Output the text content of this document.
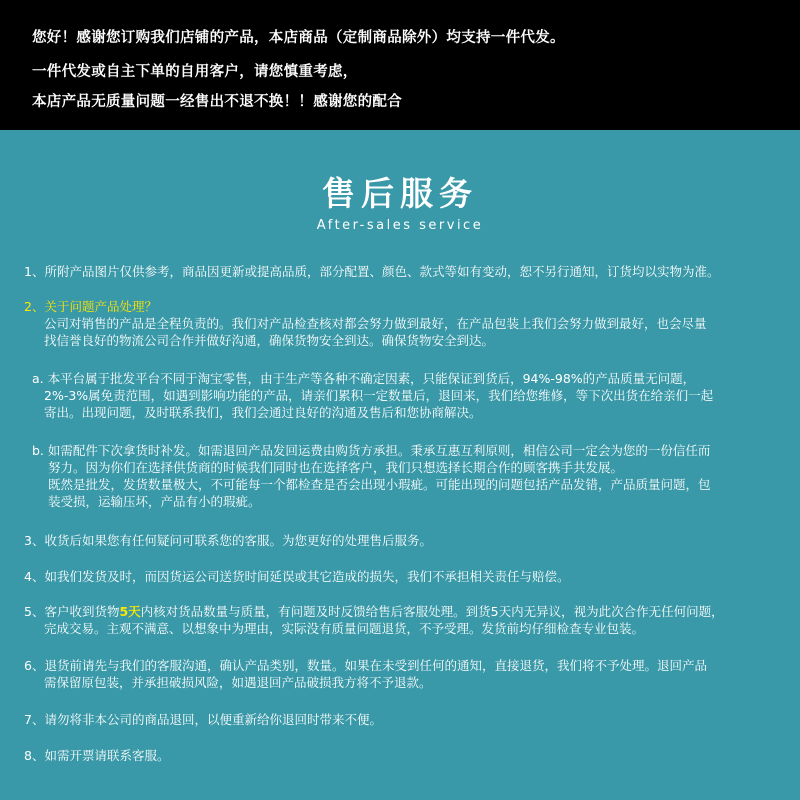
您好！感谢您订购我们店铺的产品，本店商品（定制商品除外）均支持一件代发。

一件代发或自主下单的自用客户，请您慎重考虑，

本店产品无质量问题一经售出不退不换！！感谢您的配合

售后服务
After-sales service

1、所附产品图片仅供参考，商品因更新或提高品质，部分配置、颜色、款式等如有变动，恕不另行通知，订货均以实物为准。

2、关于问题产品处理？
公司对销售的产品是全程负责的。我们对产品检查核对都会努力做到最好，在产品包装上我们会努力做到最好，也会尽量
找信誉良好的物流公司合作并做好沟通，确保货物安全到达。确保货物安全到达。

a. 本平台属于批发平台不同于淘宝零售，由于生产等各种不确定因素，只能保证到货后，94%-98%的产品质量无问题，
2%-3%属免责范围，如遇到影响功能的产品，请亲们累积一定数量后，退回来，我们给您维修，等下次出货在给亲们一起
寄出。出现问题，及时联系我们，我们会通过良好的沟通及售后和您协商解决。

b. 如需配件下次拿货时补发。如需退回产品发回运费由购货方承担。秉承互惠互利原则，相信公司一定会为您的一份信任而
努力。因为你们在选择供货商的时候我们同时也在选择客户，我们只想选择长期合作的顾客携手共发展。
既然是批发，发货数量极大，不可能每一个都检查是否会出现小瑕疵。可能出现的问题包括产品发错，产品质量问题，包
装受损，运输压坏，产品有小的瑕疵。

3、收货后如果您有任何疑问可联系您的客服。为您更好的处理售后服务。

4、如我们发货及时，而因货运公司送货时间延误或其它造成的损失，我们不承担相关责任与赔偿。

5、客户收到货物5天内核对货品数量与质量，有问题及时反馈给售后客服处理。到货5天内无异议，视为此次合作无任何问题，
完成交易。主观不满意、以想象中为理由，实际没有质量问题退货，不予受理。发货前均仔细检查专业包装。

6、退货前请先与我们的客服沟通，确认产品类别，数量。如果在未受到任何的通知，直接退货，我们将不予处理。退回产品
需保留原包装，并承担破损风险，如遇退回产品破损我方将不予退款。

7、请勿将非本公司的商品退回，以便重新给你退回时带来不便。

8、如需开票请联系客服。
